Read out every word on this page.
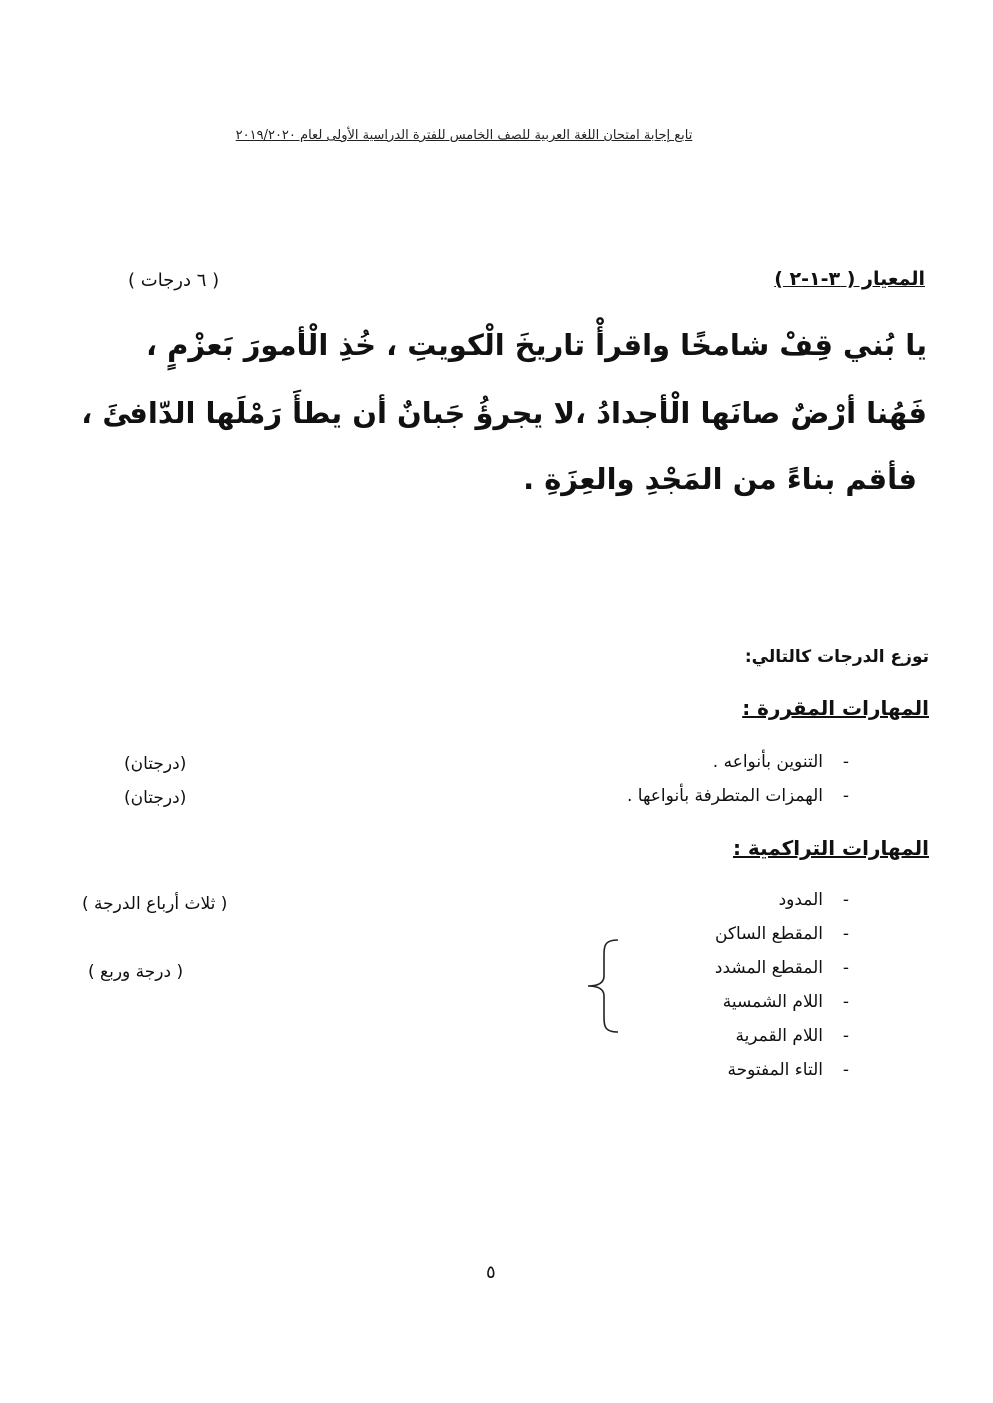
تابع إجابة امتحان اللغة العربية للصف الخامس للفترة الدراسية الأولى لعام ٢٠١٩/٢٠٢٠
المعيار ( ٣-١-٢ )
( ٦ درجات )
يا بُني قِفْ شامخًا واقرأْ تاريخَ الْكويتِ ، خُذِ الْأمورَ بَعزْمٍ ،
فَهُنا أرْضٌ صانَها الْأجدادُ ،لا يجرؤُ جَبانٌ أن يطأَ رَمْلَها الدّافئَ ،
فأقم بناءً من المَجْدِ والعِزَةِ .
توزع الدرجات كالتالي:
المهارات المقررة :
-
التنوين بأنواعه .
(درجتان)
-
الهمزات المتطرفة بأنواعها .
(درجتان)
المهارات التراكمية :
-
المدود
-
المقطع الساكن
-
المقطع المشدد
-
اللام الشمسية
-
اللام القمرية
-
التاء المفتوحة
( ثلاث أرباع الدرجة )
( درجة وربع )
٥
